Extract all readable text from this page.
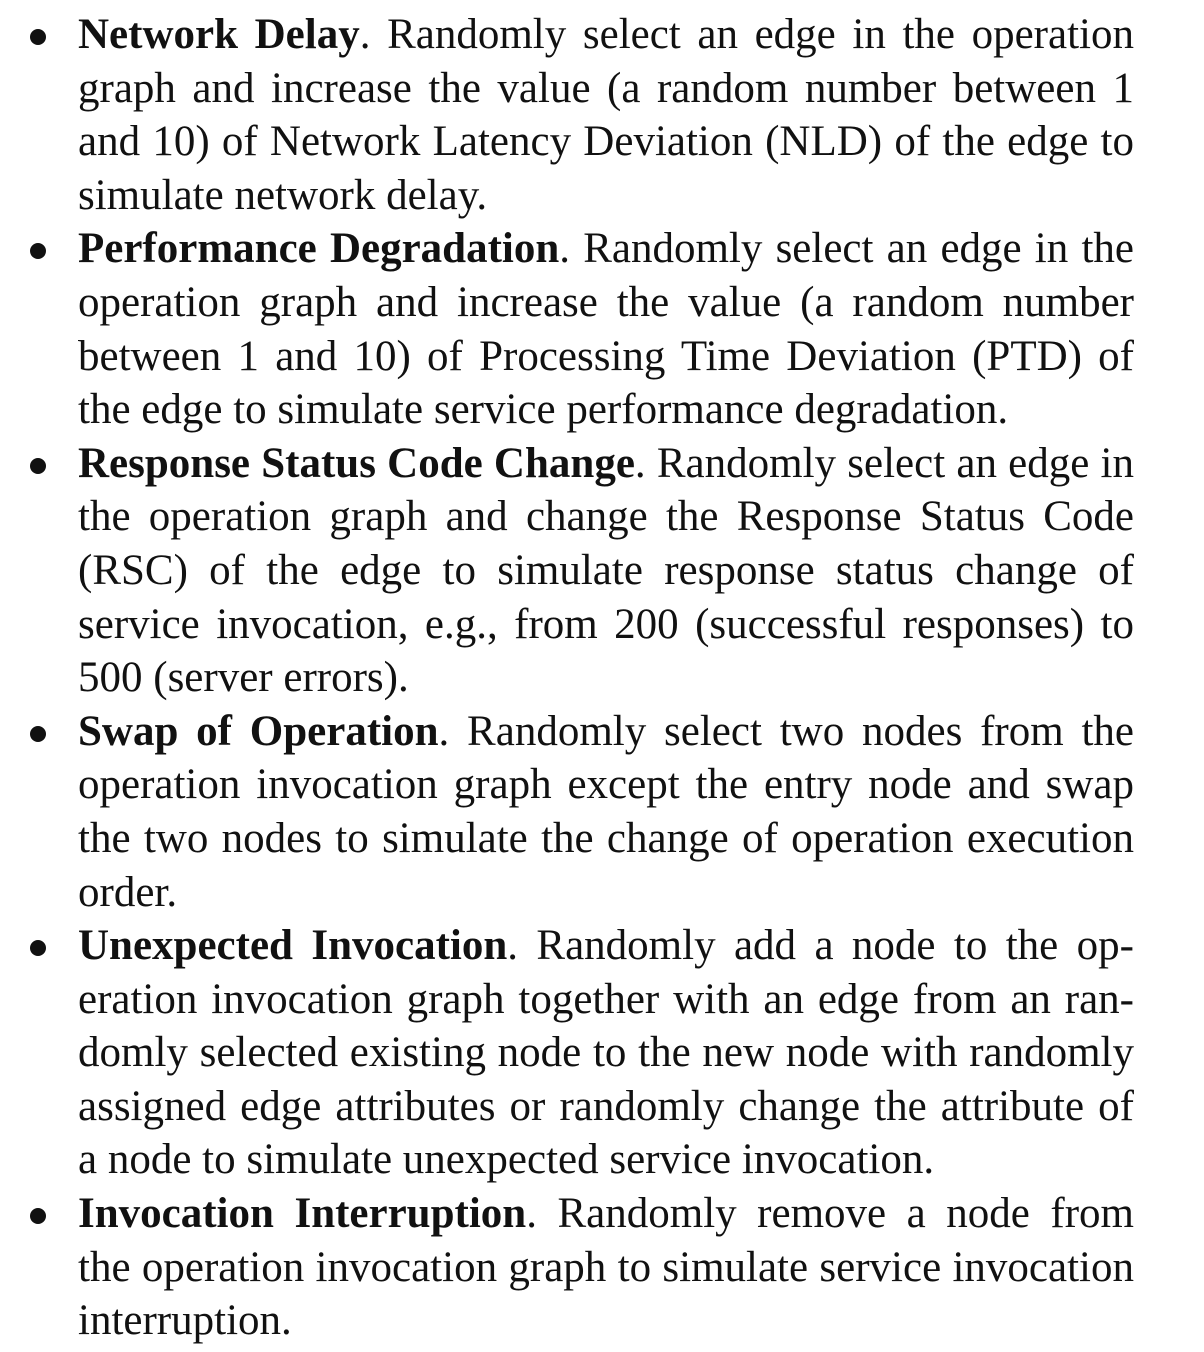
Network Delay. Randomly select an edge in the operation graph and increase the value (a random number between 1 and 10) of Network Latency Deviation (NLD) of the edge to simulate network delay.
Performance Degradation. Randomly select an edge in the operation graph and increase the value (a random number between 1 and 10) of Processing Time Deviation (PTD) of the edge to simulate service performance degradation.
Response Status Code Change. Randomly select an edge in the operation graph and change the Response Status Code (RSC) of the edge to simulate response status change of service invocation, e.g., from 200 (successful responses) to 500 (server errors).
Swap of Operation. Randomly select two nodes from the operation invocation graph except the entry node and swap the two nodes to simulate the change of operation execution order.
Unexpected Invocation. Randomly add a node to the operation invocation graph together with an edge from an randomly selected existing node to the new node with randomly assigned edge attributes or randomly change the attribute of a node to simulate unexpected service invocation.
Invocation Interruption. Randomly remove a node from the operation invocation graph to simulate service invocation interruption.
